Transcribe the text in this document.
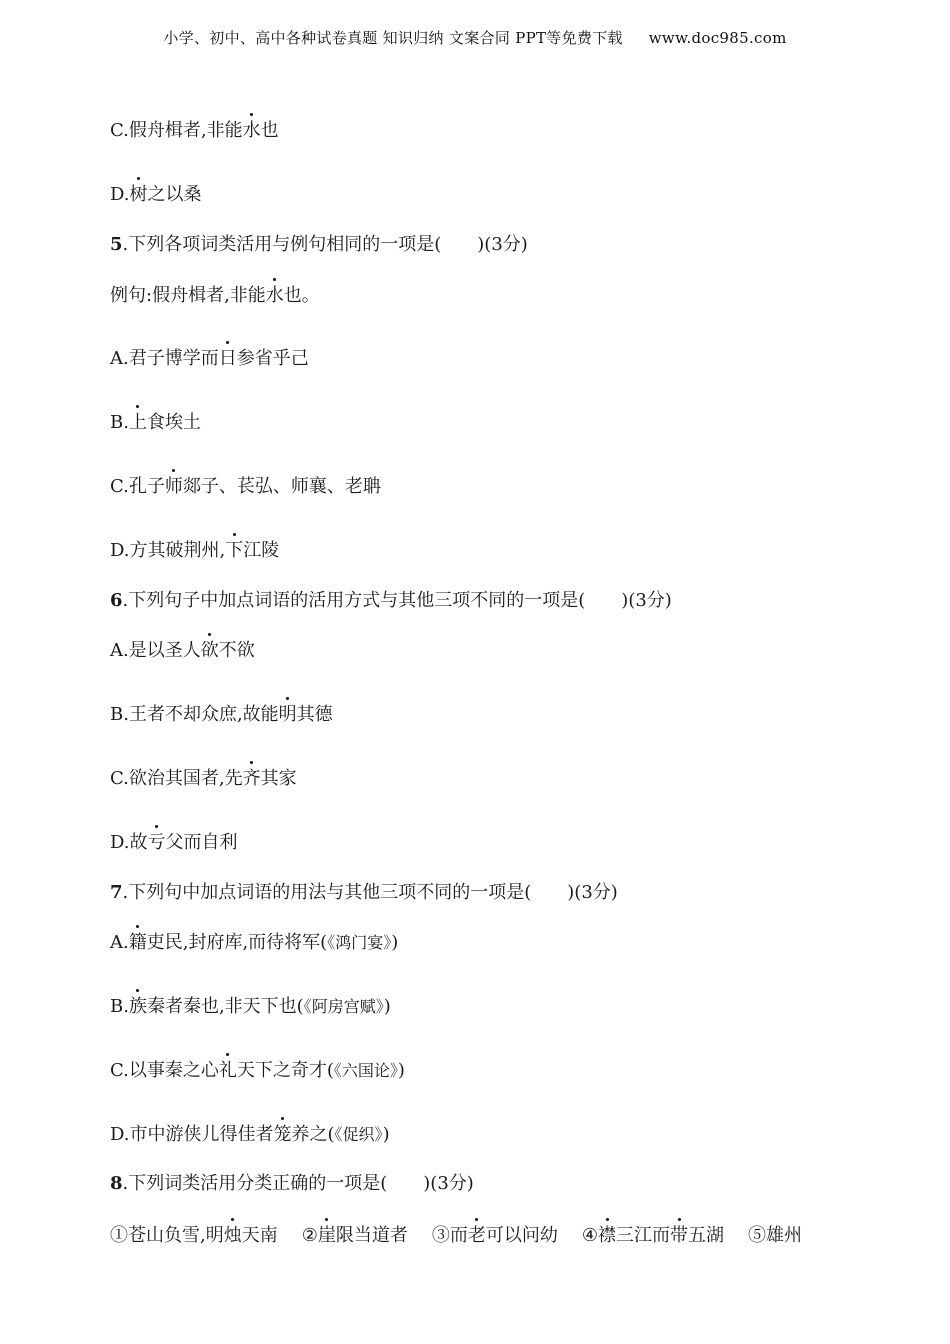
小学、初中、高中各种试卷真题 知识归纳 文案合同 PPT等免费下载 www.doc985.com
C.假舟楫者,非能水也
D.树之以桑
5.下列各项词类活用与例句相同的一项是(　　)(3分)
例句:假舟楫者,非能水也。
A.君子博学而日参省乎己
B.上食埃土
C.孔子师郯子、苌弘、师襄、老聃
D.方其破荆州,下江陵
6.下列句子中加点词语的活用方式与其他三项不同的一项是(　　)(3分)
A.是以圣人欲不欲
B.王者不却众庶,故能明其德
C.欲治其国者,先齐其家
D.故亏父而自利
7.下列句中加点词语的用法与其他三项不同的一项是(　　)(3分)
A.籍吏民,封府库,而待将军(《鸿门宴》)
B.族秦者秦也,非天下也(《阿房宫赋》)
C.以事秦之心礼天下之奇才(《六国论》)
D.市中游侠儿得佳者笼养之(《促织》)
8.下列词类活用分类正确的一项是(　　)(3分)
①苍山负雪,明烛天南 ②崖限当道者 ③而老可以问幼 ④襟三江而带五湖 ⑤雄州
